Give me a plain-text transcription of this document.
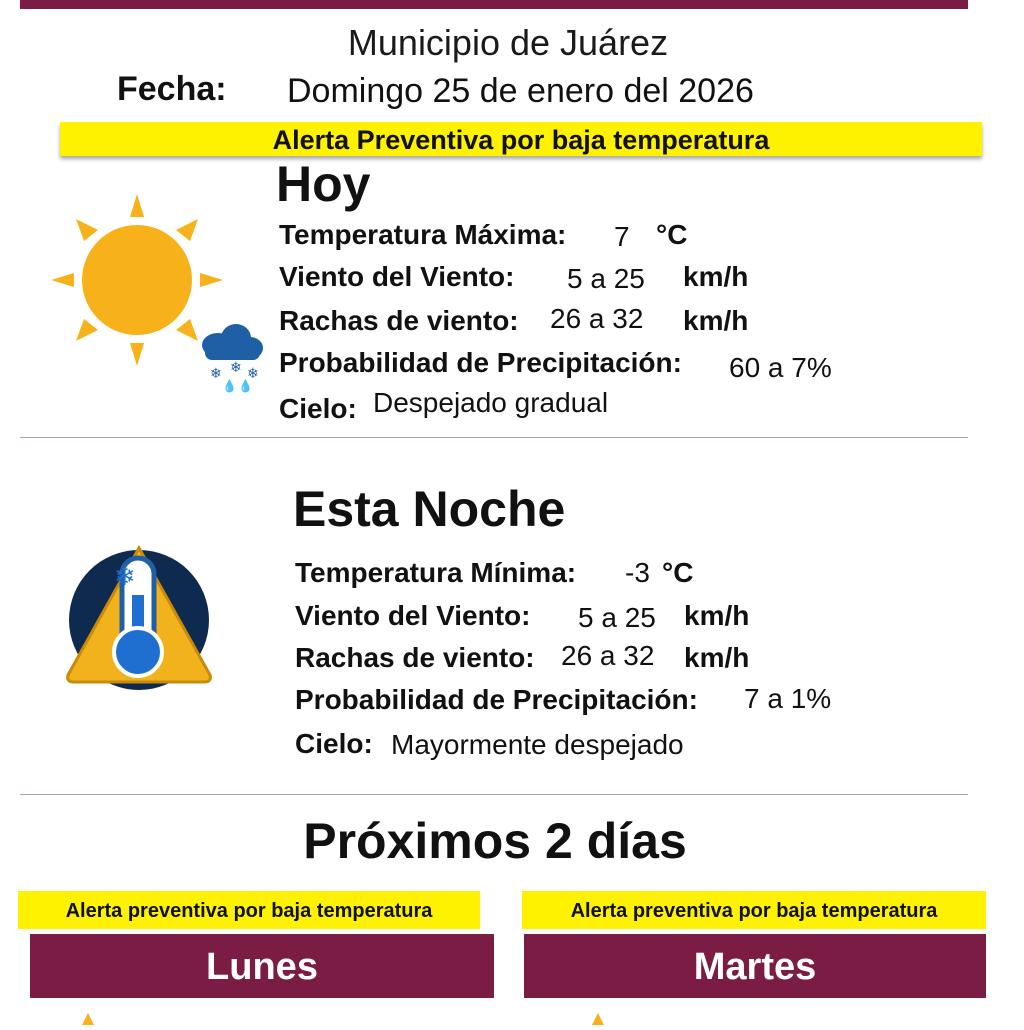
Municipio de Juárez
Fecha: Domingo 25 de enero del 2026
Alerta Preventiva por baja temperatura
Hoy
❄ ❄ ❄
💧 💧
Temperatura Máxima: 7 °C
Viento del Viento: 5 a 25 km/h
Rachas de viento: 26 a 32 km/h
Probabilidad de Precipitación: 60 a 7%
Cielo: Despejado gradual
Esta Noche
❄	Temperatura Mínima: -3 °C
Viento del Viento: 5 a 25 km/h
Rachas de viento: 26 a 32 km/h
Probabilidad de Precipitación: 7 a 1%
Cielo: Mayormente despejado
Próximos 2 días
Alerta preventiva por baja temperatura
Lunes
Alerta preventiva por baja temperatura
Martes
